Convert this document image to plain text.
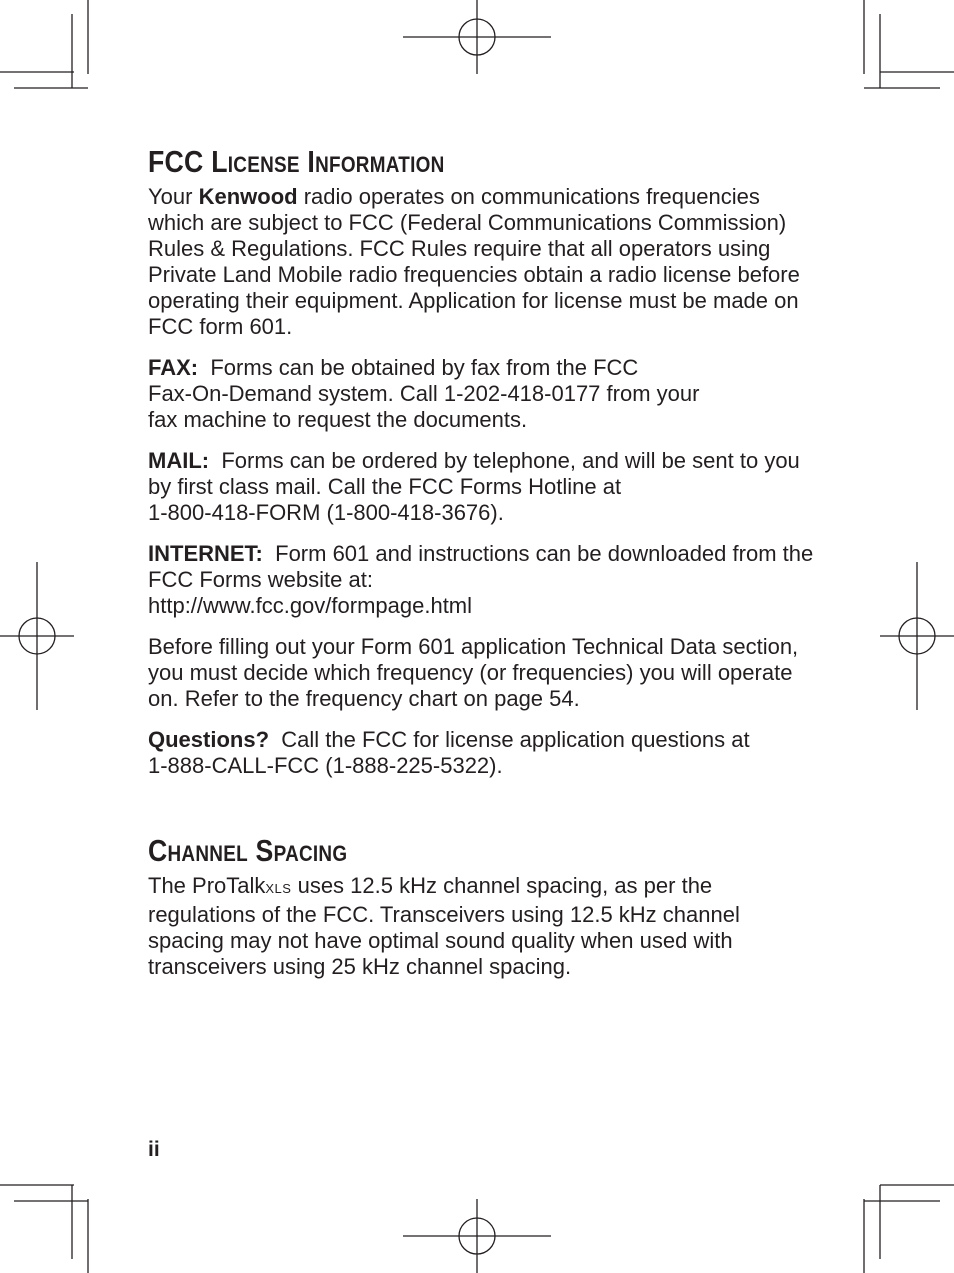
FCC License Information

Your Kenwood radio operates on communications frequencies which are subject to FCC (Federal Communications Commission) Rules & Regulations. FCC Rules require that all operators using Private Land Mobile radio frequencies obtain a radio license before operating their equipment. Application for license must be made on FCC form 601.

FAX: Forms can be obtained by fax from the FCC
Fax-On-Demand system. Call 1-202-418-0177 from your
fax machine to request the documents.

MAIL: Forms can be ordered by telephone, and will be sent to you by first class mail. Call the FCC Forms Hotline at
1-800-418-FORM (1-800-418-3676).

INTERNET: Form 601 and instructions can be downloaded from the FCC Forms website at:
http://www.fcc.gov/formpage.html

Before filling out your Form 601 application Technical Data section, you must decide which frequency (or frequencies) you will operate on. Refer to the frequency chart on page 54.

Questions? Call the FCC for license application questions at
1-888-CALL-FCC (1-888-225-5322).

Channel Spacing

The ProTalkXLS uses 12.5 kHz channel spacing, as per the regulations of the FCC. Transceivers using 12.5 kHz channel spacing may not have optimal sound quality when used with transceivers using 25 kHz channel spacing.

ii
